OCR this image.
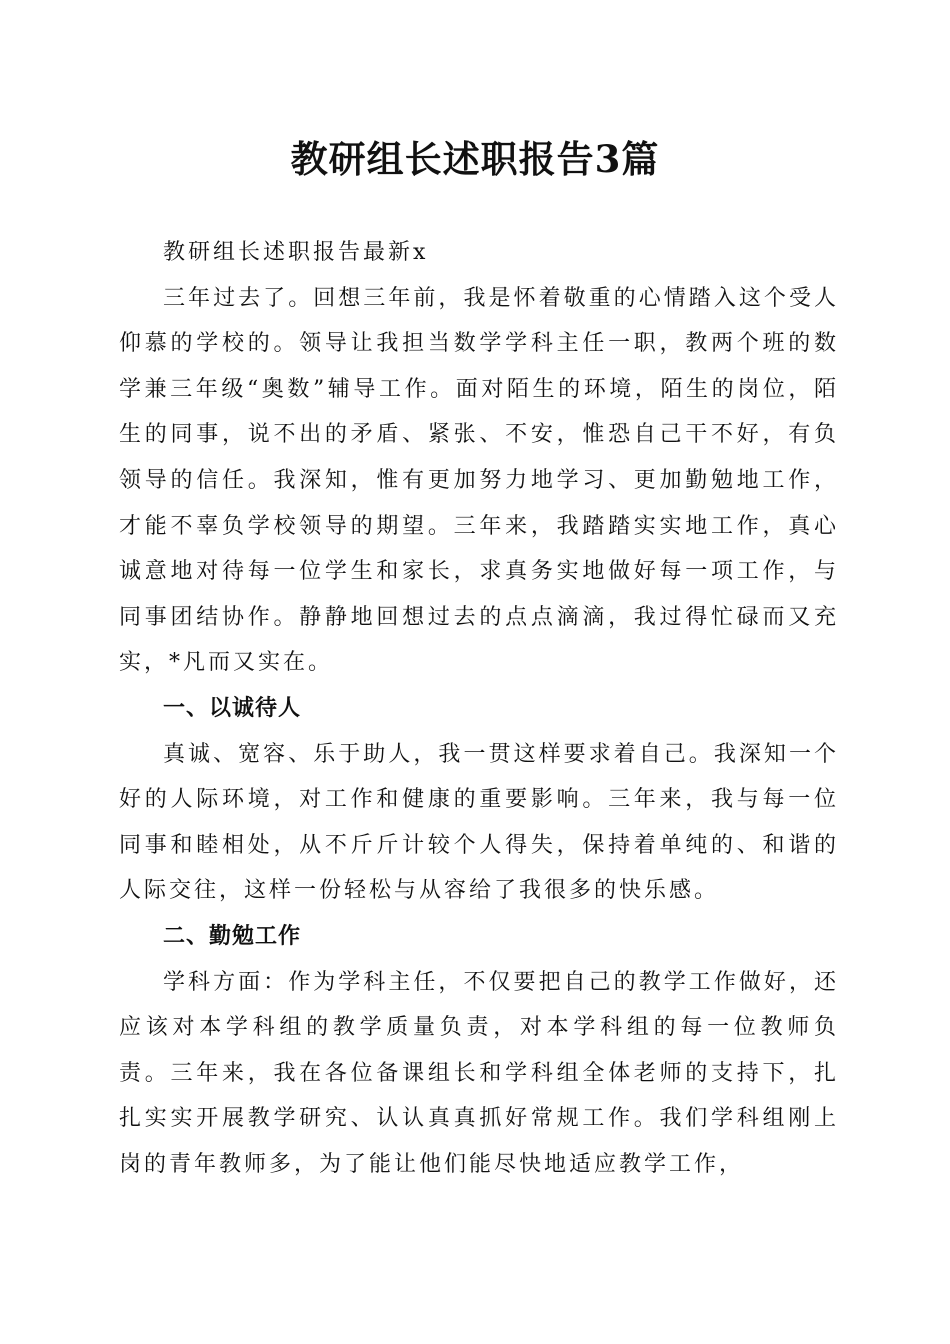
教研组长述职报告3篇

教研组长述职报告最新x

三年过去了。回想三年前，我是怀着敬重的心情踏入这个受人仰慕的学校的。领导让我担当数学学科主任一职，教两个班的数学兼三年级“奥数”辅导工作。面对陌生的环境，陌生的岗位，陌生的同事，说不出的矛盾、紧张、不安，惟恐自己干不好，有负领导的信任。我深知，惟有更加努力地学习、更加勤勉地工作，才能不辜负学校领导的期望。三年来，我踏踏实实地工作，真心诚意地对待每一位学生和家长，求真务实地做好每一项工作，与同事团结协作。静静地回想过去的点点滴滴，我过得忙碌而又充实，*凡而又实在。

一、以诚待人

真诚、宽容、乐于助人，我一贯这样要求着自己。我深知一个好的人际环境，对工作和健康的重要影响。三年来，我与每一位同事和睦相处，从不斤斤计较个人得失，保持着单纯的、和谐的人际交往，这样一份轻松与从容给了我很多的快乐感。

二、勤勉工作

学科方面：作为学科主任，不仅要把自己的教学工作做好，还应该对本学科组的教学质量负责，对本学科组的每一位教师负责。三年来，我在各位备课组长和学科组全体老师的支持下，扎扎实实开展教学研究、认认真真抓好常规工作。我们学科组刚上岗的青年教师多，为了能让他们能尽快地适应教学工作，
